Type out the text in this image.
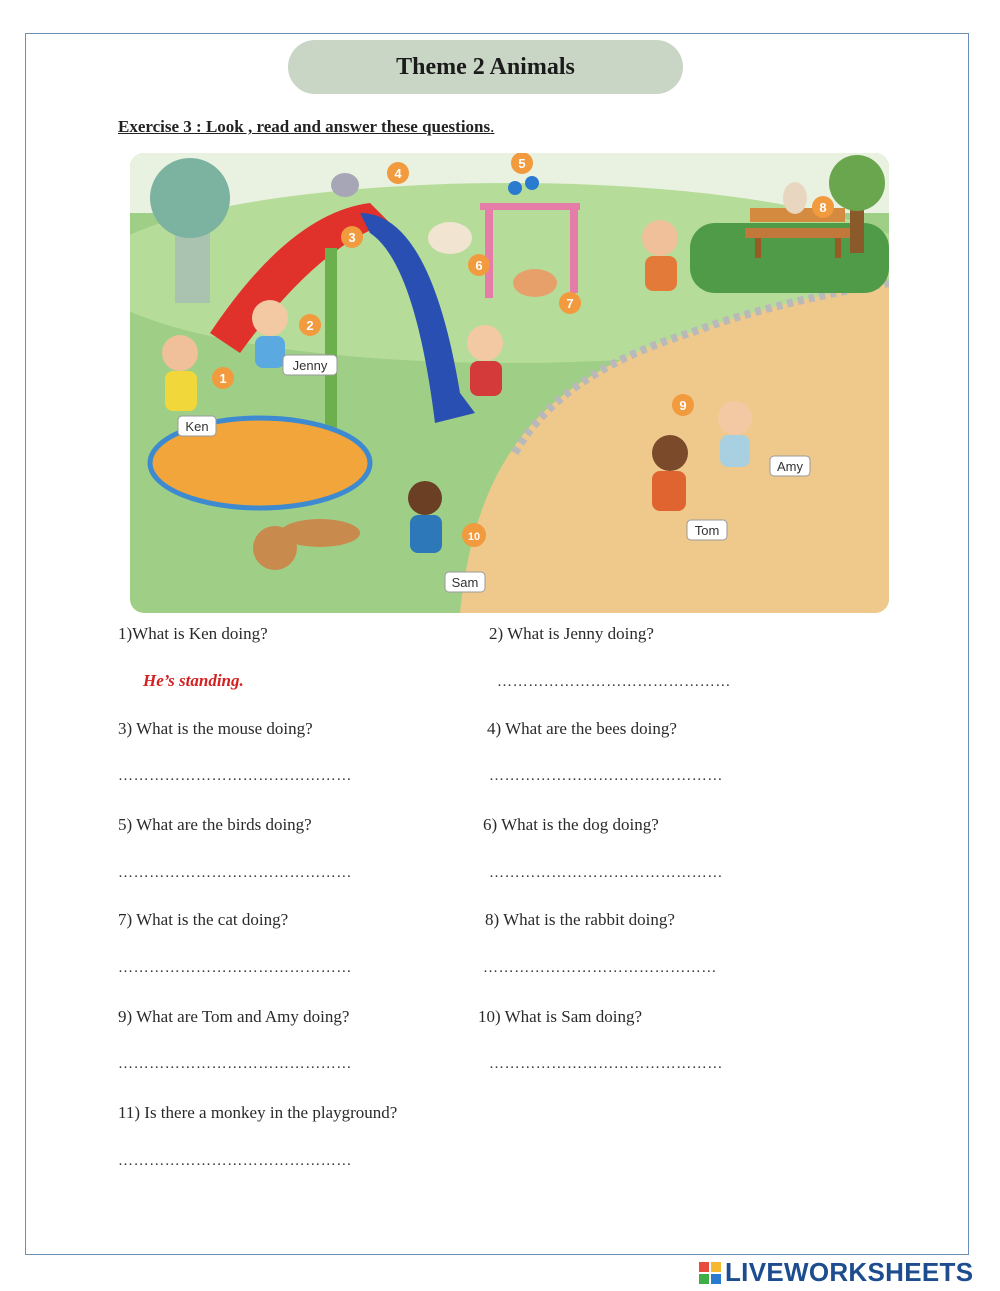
Theme 2 Animals
Exercise 3 : Look , read and answer these questions.
1
2
3
4
5
6
7
8
9
10
Ken
Jenny
Amy
Tom
Sam
1)What is Ken doing?
He’s standing.
2) What is Jenny doing?
………………………………………
3) What is the mouse doing?
………………………………………
4) What are the bees doing?
………………………………………
5) What are the birds doing?
………………………………………
6) What is the dog doing?
………………………………………
7) What is the cat doing?
………………………………………
8) What is the rabbit doing?
………………………………………
9) What are Tom and Amy doing?
………………………………………
10) What is Sam doing?
………………………………………
11) Is there a monkey in the playground?
………………………………………
LIVEWORKSHEETS
